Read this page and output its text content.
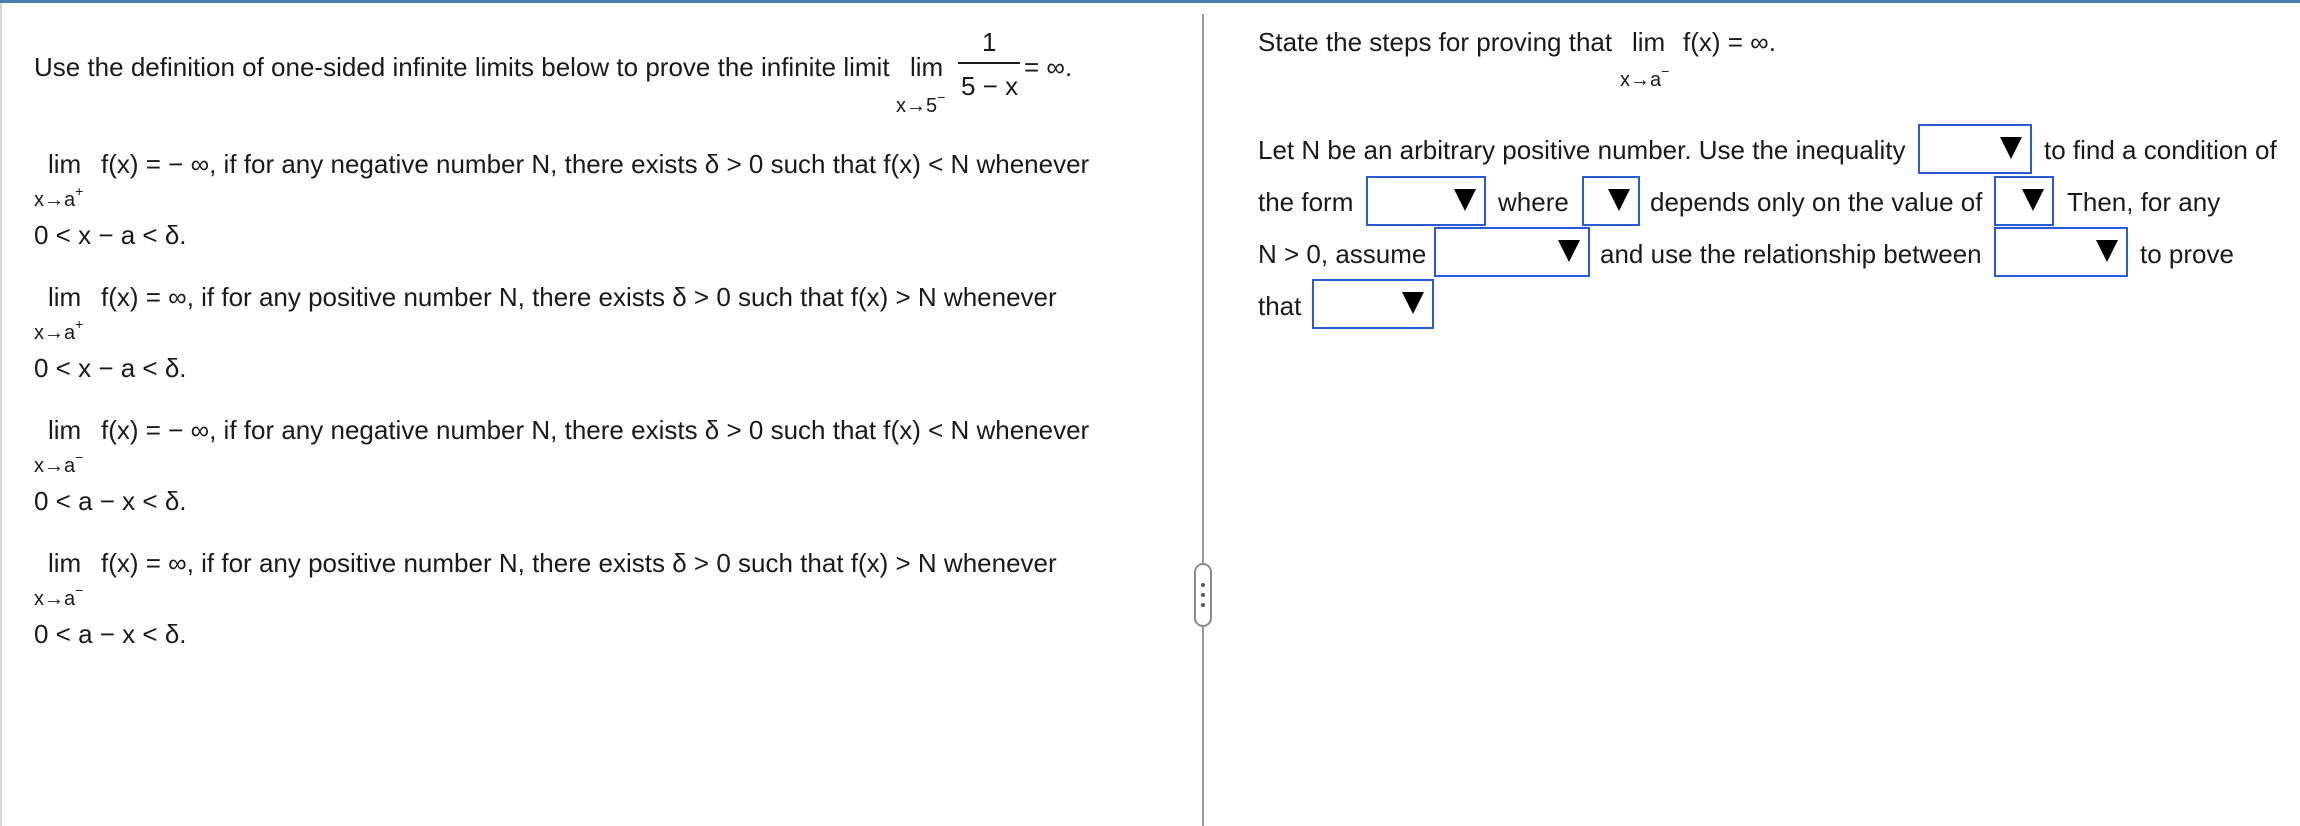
Use the definition of one-sided infinite limits below to prove the infinite limit lim
x→5−
1
5 − x
= ∞.
lim f(x) = − ∞, if for any negative number N, there exists δ > 0 such that f(x) < N whenever
x→a+
0 < x − a < δ.
lim f(x) = ∞, if for any positive number N, there exists δ > 0 such that f(x) > N whenever
x→a+
0 < x − a < δ.
lim f(x) = − ∞, if for any negative number N, there exists δ > 0 such that f(x) < N whenever
x→a−
0 < a − x < δ.
lim f(x) = ∞, if for any positive number N, there exists δ > 0 such that f(x) > N whenever
x→a−
0 < a − x < δ.
State the steps for proving that lim f(x) = ∞.
x→a−
Let N be an arbitrary positive number. Use the inequality	to find a condition of
the form	where	depends only on the value of	Then, for any
N > 0, assume	and use the relationship between	to prove
that
